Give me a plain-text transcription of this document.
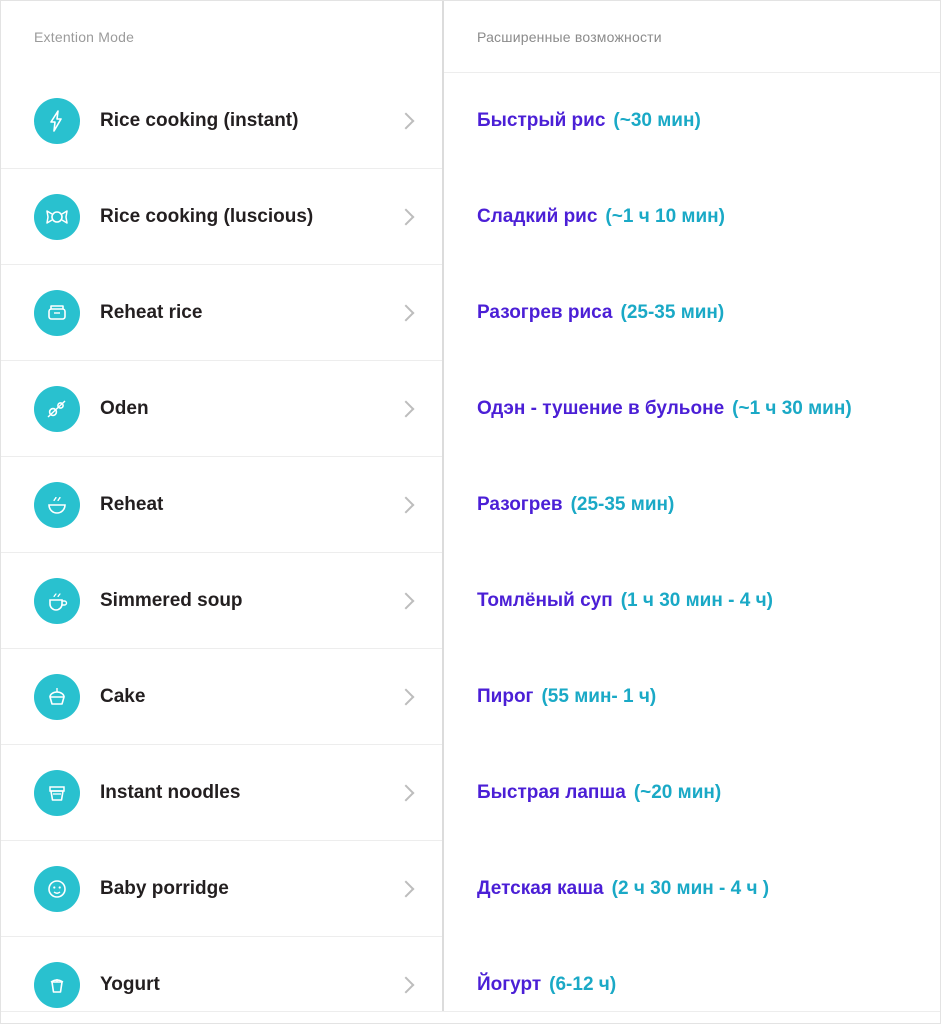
Extention Mode
Rice cooking (instant)
Rice cooking (luscious)
Reheat rice
Oden
Reheat
Simmered soup
Cake
Instant noodles
Baby porridge
Yogurt
Расширенные возможности
Быстрый рис (~30 мин)
Сладкий рис (~1 ч 10 мин)
Разогрев риса (25-35 мин)
Одэн - тушение в бульоне (~1 ч 30 мин)
Разогрев (25-35 мин)
Томлёный суп (1 ч 30 мин - 4 ч)
Пирог (55 мин- 1 ч)
Быстрая лапша (~20 мин)
Детская каша (2 ч 30 мин - 4 ч )
Йогурт (6-12 ч)
